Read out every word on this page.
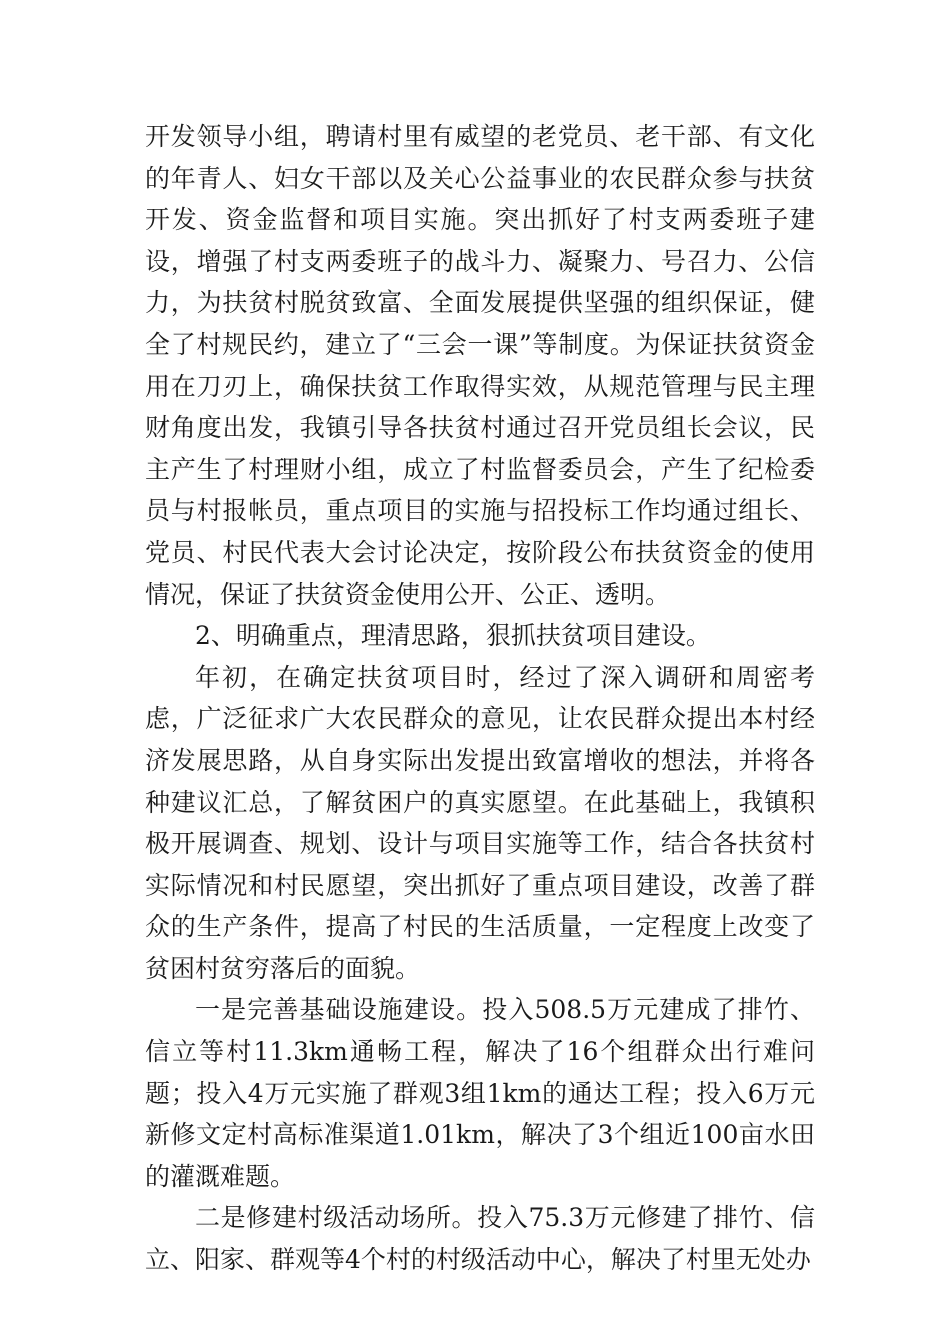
开发领导小组，聘请村里有威望的老党员、老干部、有文化的年青人、妇女干部以及关心公益事业的农民群众参与扶贫开发、资金监督和项目实施。突出抓好了村支两委班子建设，增强了村支两委班子的战斗力、凝聚力、号召力、公信力，为扶贫村脱贫致富、全面发展提供坚强的组织保证，健全了村规民约，建立了“三会一课”等制度。为保证扶贫资金用在刀刃上，确保扶贫工作取得实效，从规范管理与民主理财角度出发，我镇引导各扶贫村通过召开党员组长会议，民主产生了村理财小组，成立了村监督委员会，产生了纪检委员与村报帐员，重点项目的实施与招投标工作均通过组长、党员、村民代表大会讨论决定，按阶段公布扶贫资金的使用情况，保证了扶贫资金使用公开、公正、透明。

2、明确重点，理清思路，狠抓扶贫项目建设。

年初，在确定扶贫项目时，经过了深入调研和周密考虑，广泛征求广大农民群众的意见，让农民群众提出本村经济发展思路，从自身实际出发提出致富增收的想法，并将各种建议汇总，了解贫困户的真实愿望。在此基础上，我镇积极开展调查、规划、设计与项目实施等工作，结合各扶贫村实际情况和村民愿望，突出抓好了重点项目建设，改善了群众的生产条件，提高了村民的生活质量，一定程度上改变了贫困村贫穷落后的面貌。

一是完善基础设施建设。投入508.5万元建成了排竹、信立等村11.3km通畅工程，解决了16个组群众出行难问题；投入4万元实施了群观3组1km的通达工程；投入6万元新修文定村高标准渠道1.01km，解决了3个组近100亩水田的灌溉难题。

二是修建村级活动场所。投入75.3万元修建了排竹、信立、阳家、群观等4个村的村级活动中心，解决了村里无处办
